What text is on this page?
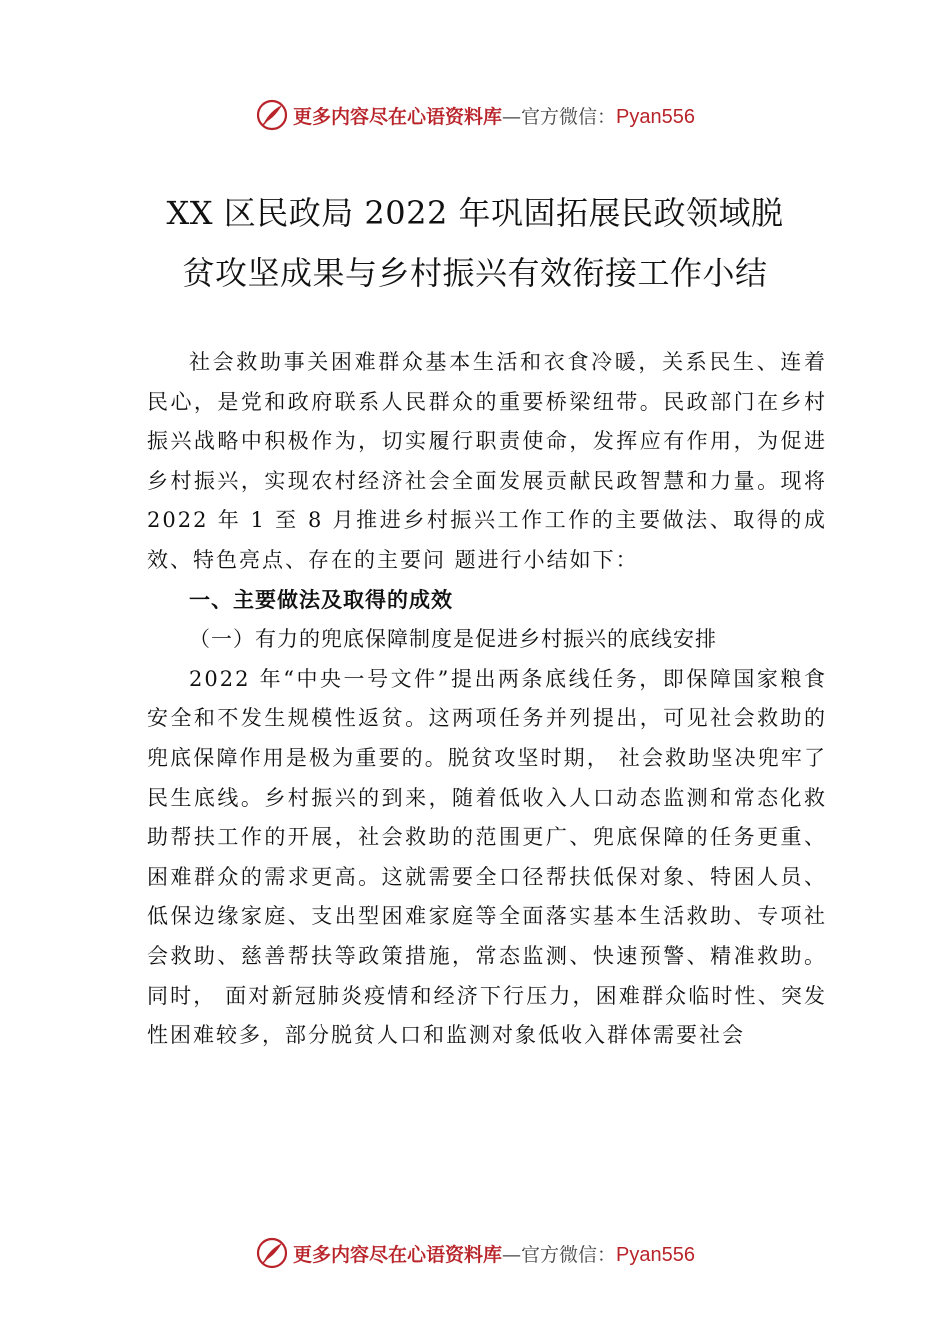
更多内容尽在心语资料库—官方微信：Pyan556
XX 区民政局 2022 年巩固拓展民政领域脱
贫攻坚成果与乡村振兴有效衔接工作小结

社会救助事关困难群众基本生活和衣食冷暖，关系民生、连着民心，是党和政府联系人民群众的重要桥梁纽带。民政部门在乡村振兴战略中积极作为，切实履行职责使命，发挥应有作用，为促进乡村振兴，实现农村经济社会全面发展贡献民政智慧和力量。现将 2022 年 1 至 8 月推进乡村振兴工作工作的主要做法、取得的成效、特色亮点、存在的主要问 题进行小结如下：

一、主要做法及取得的成效

（一）有力的兜底保障制度是促进乡村振兴的底线安排

2022 年“中央一号文件”提出两条底线任务，即保障国家粮食安全和不发生规模性返贫。这两项任务并列提出，可见社会救助的兜底保障作用是极为重要的。脱贫攻坚时期， 社会救助坚决兜牢了民生底线。乡村振兴的到来，随着低收入人口动态监测和常态化救助帮扶工作的开展，社会救助的范围更广、兜底保障的任务更重、困难群众的需求更高。这就需要全口径帮扶低保对象、特困人员、低保边缘家庭、支出型困难家庭等全面落实基本生活救助、专项社会救助、慈善帮扶等政策措施，常态监测、快速预警、精准救助。同时， 面对新冠肺炎疫情和经济下行压力，困难群众临时性、突发性困难较多，部分脱贫人口和监测对象低收入群体需要社会

更多内容尽在心语资料库—官方微信：Pyan556
